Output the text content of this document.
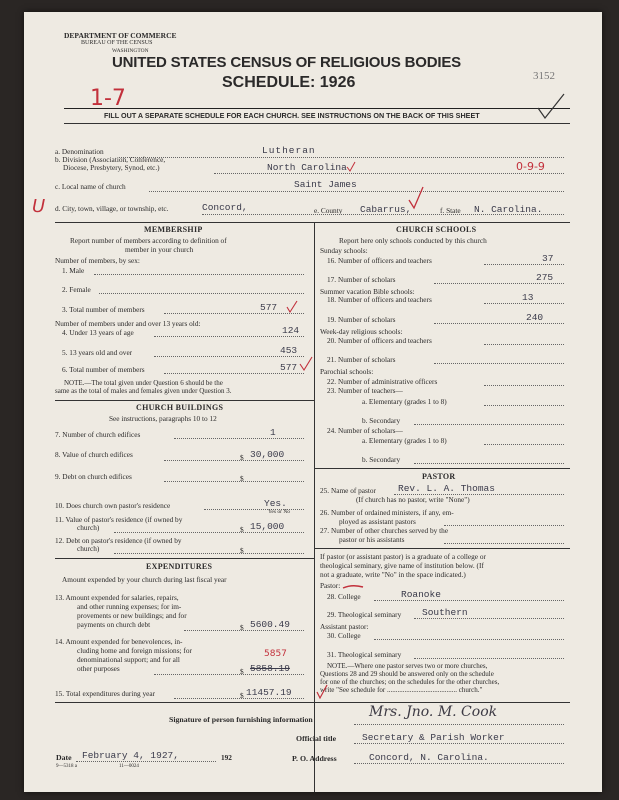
DEPARTMENT OF COMMERCE
BUREAU OF THE CENSUS
WASHINGTON
UNITED STATES CENSUS OF RELIGIOUS BODIES
SCHEDULE: 1926	3152
1-7
FILL OUT A SEPARATE SCHEDULE FOR EACH CHURCH. SEE INSTRUCTIONS ON THE BACK OF THIS SHEET
a. Denomination	Lutheran
b. Division (Association, Conference,
Diocese, Presbytery, Synod, etc.)	North Carolina	0-9-9
c. Local name of church	Saint James
U d. City, town, village, or township, etc.	Concord,	e. County Cabarrus,	f. State N. Carolina.
MEMBERSHIP
Report number of members according to definition of
member in your church
Number of members, by sex:
1. Male
2. Female
3. Total number of members	577
Number of members under and over 13 years old:
4. Under 13 years of age	124
5. 13 years old and over	453
6. Total number of members	577
NOTE.—The total given under Question 6 should be the
same as the total of males and females given under Question 3.
CHURCH BUILDINGS
See instructions, paragraphs 10 to 12
7. Number of church edifices	1
8. Value of church edifices	$ 30,000
9. Debt on church edifices	$
10. Does church own pastor's residence	Yes.
Yes or No
11. Value of pastor's residence (if owned by
church)	$ 15,000
12. Debt on pastor's residence (if owned by
church)	$
EXPENDITURES
Amount expended by your church during last fiscal year
13. Amount expended for salaries, repairs,
and other running expenses; for im-
provements or new buildings; and for
payments on church debt	$ 5600.49
14. Amount expended for benevolences, in-
cluding home and foreign missions; for
denominational support; and for all
other purposes
5857
$ 5858.19
15. Total expenditures during year	$ 11457.19
CHURCH SCHOOLS
Report here only schools conducted by this church
Sunday schools:
16. Number of officers and teachers	37
17. Number of scholars	275
Summer vacation Bible schools:
18. Number of officers and teachers	13
19. Number of scholars	240
Week-day religious schools:
20. Number of officers and teachers
21. Number of scholars
Parochial schools:
22. Number of administrative officers
23. Number of teachers—
a. Elementary (grades 1 to 8)
b. Secondary
24. Number of scholars—
a. Elementary (grades 1 to 8)
b. Secondary
PASTOR
25. Name of pastor Rev. L. A. Thomas
(If church has no pastor, write "None")
26. Number of ordained ministers, if any, em-
ployed as assistant pastors
27. Number of other churches served by the
pastor or his assistants
If pastor (or assistant pastor) is a graduate of a college or
theological seminary, give name of institution below. (If
not a graduate, write "No" in the space indicated.)
Pastor:
28. College	Roanoke
29. Theological seminary Southern
Assistant pastor:
30. College
31. Theological seminary
NOTE.—Where one pastor serves two or more churches,
Questions 28 and 29 should be answered only on the schedule
for one of the churches; on the schedules for the other churches,
write "See schedule for ........................................ church."
Signature of person furnishing information	Mrs. Jno. M. Cook
Official title	Secretary & Parish Worker
Date February 4, 1927,	192
9—5318 a	11—0024
P. O. Address	Concord, N. Carolina.
